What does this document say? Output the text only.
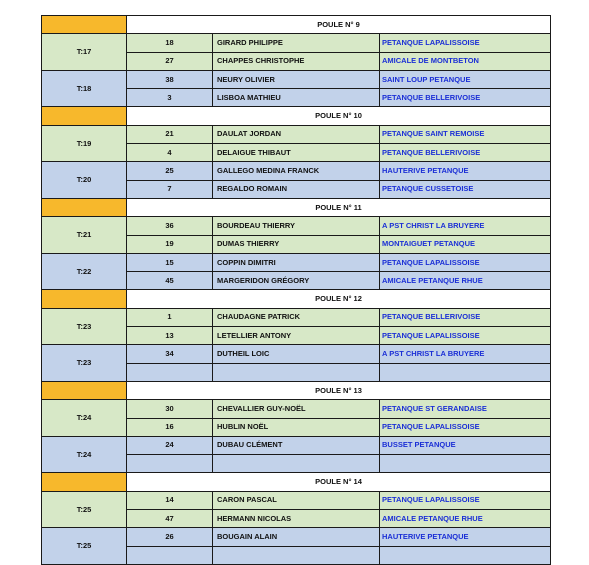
	POULE N° 9		
T:17	18	GIRARD PHILIPPE	PETANQUE LAPALISSOISE
	27	CHAPPES CHRISTOPHE	AMICALE DE MONTBETON
T:18	38	NEURY OLIVIER	SAINT LOUP PETANQUE
	3	LISBOA MATHIEU	PETANQUE BELLERIVOISE
	POULE N° 10		
T:19	21	DAULAT JORDAN	PETANQUE SAINT REMOISE
	4	DELAIGUE THIBAUT	PETANQUE BELLERIVOISE
T:20	25	GALLEGO MEDINA FRANCK	HAUTERIVE PETANQUE
	7	REGALDO ROMAIN	PETANQUE CUSSETOISE
	POULE N° 11		
T:21	36	BOURDEAU THIERRY	A PST CHRIST LA BRUYERE
	19	DUMAS THIERRY	MONTAIGUET PETANQUE
T:22	15	COPPIN DIMITRI	PETANQUE LAPALISSOISE
	45	MARGERIDON GRÉGORY	AMICALE PETANQUE RHUE
	POULE N° 12		
T:23	1	CHAUDAGNE PATRICK	PETANQUE BELLERIVOISE
	13	LETELLIER ANTONY	PETANQUE LAPALISSOISE
T:23	34	DUTHEIL LOIC	A PST CHRIST LA BRUYERE

	POULE N° 13		
T:24	30	CHEVALLIER GUY-NOËL	PETANQUE ST GERANDAISE
	16	HUBLIN NOËL	PETANQUE LAPALISSOISE
T:24	24	DUBAU CLÉMENT	BUSSET PETANQUE

	POULE N° 14		
T:25	14	CARON PASCAL	PETANQUE LAPALISSOISE
	47	HERMANN NICOLAS	AMICALE PETANQUE RHUE
T:25	26	BOUGAIN ALAIN	HAUTERIVE PETANQUE
